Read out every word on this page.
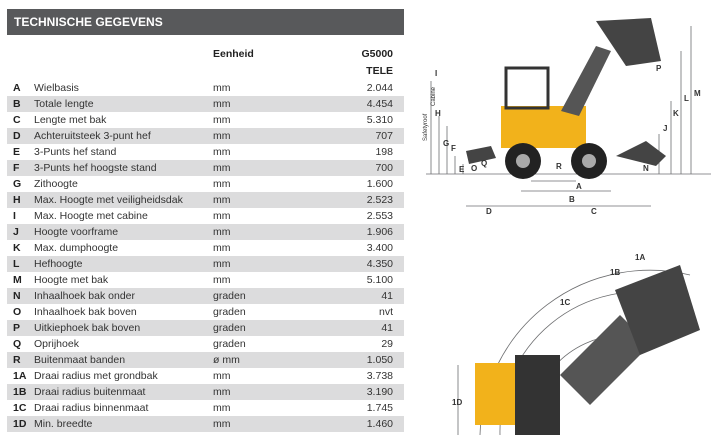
TECHNISCHE GEGEVENS
Eenheid	G5000
TELE
A	Wielbasis	mm	2.044
B	Totale lengte	mm	4.454
C	Lengte met bak	mm	5.310
D	Achteruitsteek 3-punt hef	mm	707
E	3-Punts hef stand	mm	198
F	3-Punts hef hoogste stand	mm	700
G	Zithoogte	mm	1.600
H	Max. Hoogte met veiligheidsdak	mm	2.523
I	Max. Hoogte met cabine	mm	2.553
J	Hoogte voorframe	mm	1.906
K	Max. dumphoogte	mm	3.400
L	Hefhoogte	mm	4.350
M	Hoogte met bak	mm	5.100
N	Inhaalhoek bak onder	graden	41
O	Inhaalhoek bak boven	graden	nvt
P	Uitkiephoek bak boven	graden	41
Q	Oprijhoek	graden	29
R	Buitenmaat banden	ø mm	1.050
1A Draai radius met grondbak	mm	3.738
1B Draai radius buitenmaat	mm	3.190
1C Draai radius binnenmaat	mm	1.745
1D Min. breedte	mm	1.460
A
B
C
D
E
F
G
H
I
J
K
L
M
N
O
P
Q	R
Safetyroof
Cabine
1A
1B
1C
1D
